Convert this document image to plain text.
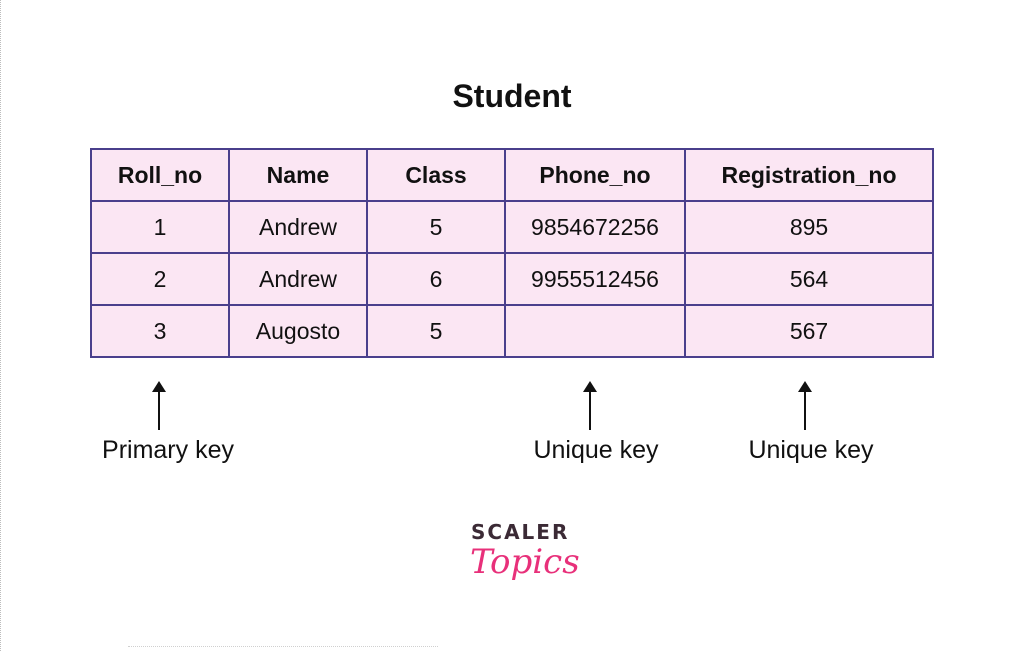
Student
Roll_no	Name	Class	Phone_no	Registration_no
1	Andrew	5	9854672256	895
2	Andrew	6	9955512456	564
3	Augosto	5		567
Primary key	Unique key	Unique key
SCALER
Topics
